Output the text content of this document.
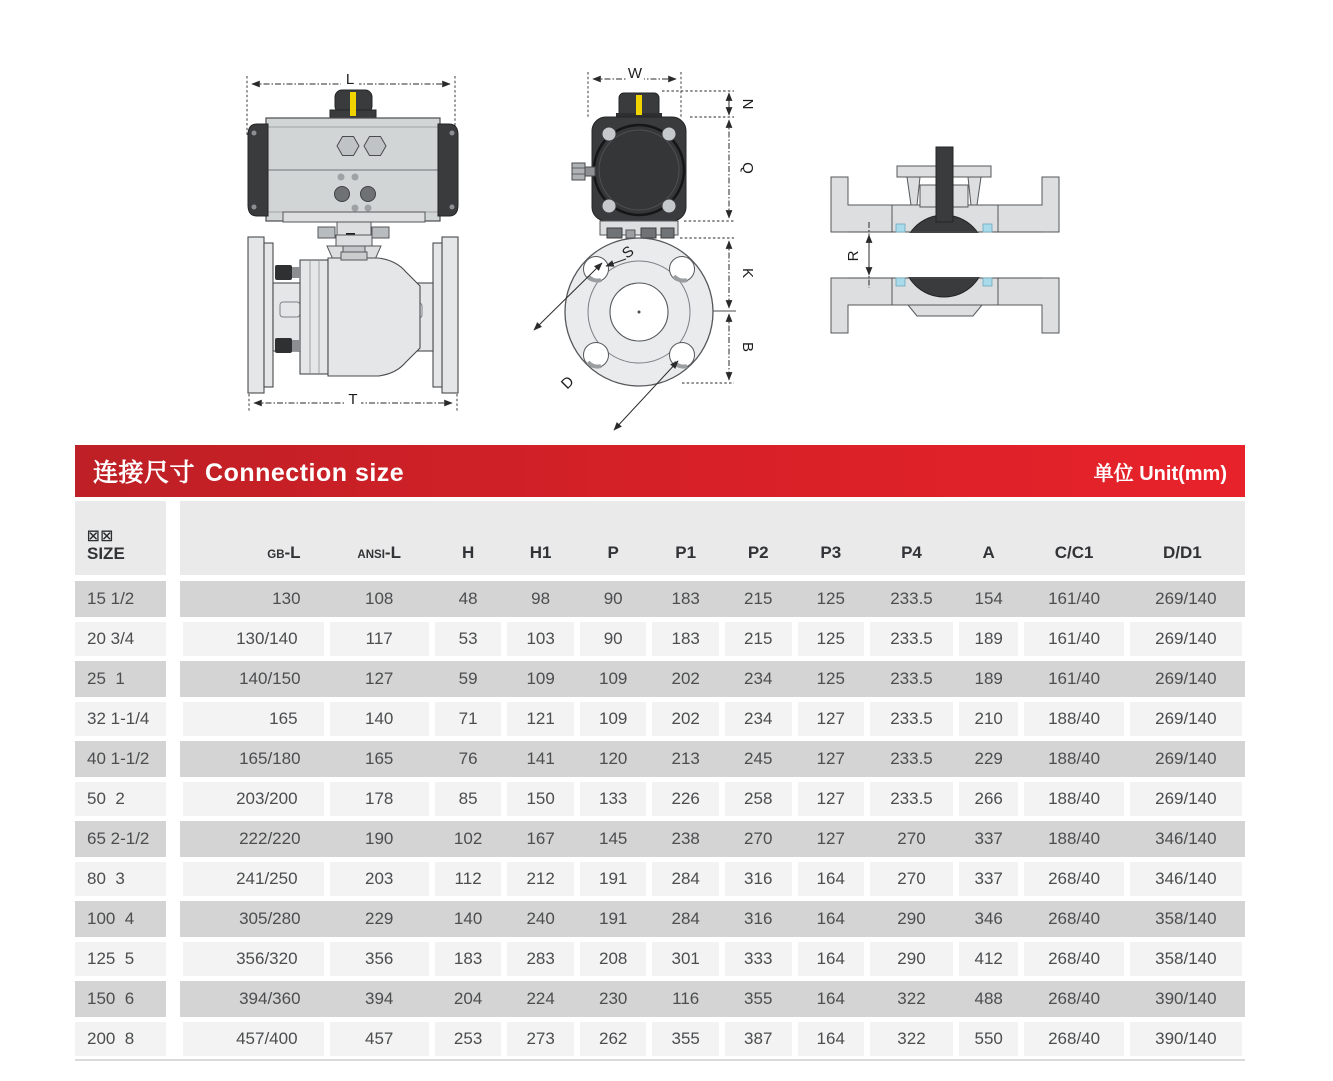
L
T
W
N
Q
K
B
S
D
R
连接尺寸 Connection size	单位 Unit(mm)
☒☒
SIZE	GB-L	ANSI-L	H	H1	P	P1	P2	P3	P4	A	C/C1	D/D1
15 1/2	130	108	48	98	90	183	215	125	233.5	154	161/40	269/140
20 3/4	130/140	117	53	103	90	183	215	125	233.5	189	161/40	269/140
25  1	140/150	127	59	109	109	202	234	125	233.5	189	161/40	269/140
32 1-1/4	165	140	71	121	109	202	234	127	233.5	210	188/40	269/140
40 1-1/2	165/180	165	76	141	120	213	245	127	233.5	229	188/40	269/140
50  2	203/200	178	85	150	133	226	258	127	233.5	266	188/40	269/140
65 2-1/2	222/220	190	102	167	145	238	270	127	270	337	188/40	346/140
80  3	241/250	203	112	212	191	284	316	164	270	337	268/40	346/140
100  4	305/280	229	140	240	191	284	316	164	290	346	268/40	358/140
125  5	356/320	356	183	283	208	301	333	164	290	412	268/40	358/140
150  6	394/360	394	204	224	230	116	355	164	322	488	268/40	390/140
200  8	457/400	457	253	273	262	355	387	164	322	550	268/40	390/140
